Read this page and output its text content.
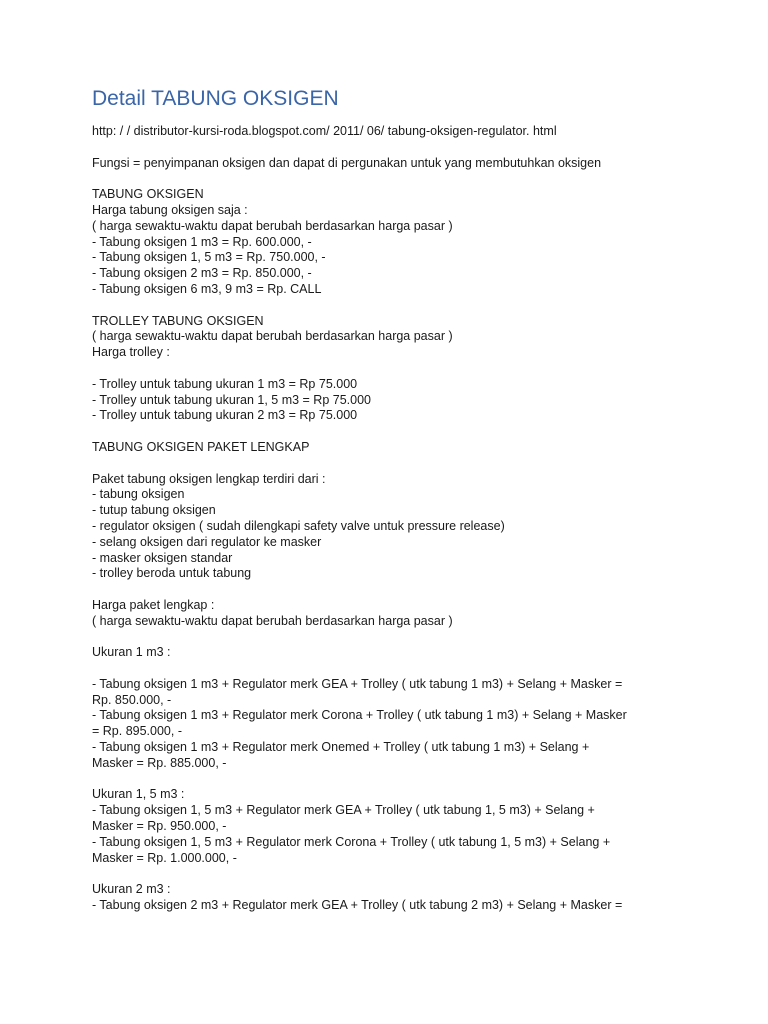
Detail TABUNG OKSIGEN
http: / / distributor-kursi-roda.blogspot.com/ 2011/ 06/ tabung-oksigen-regulator. html
Fungsi = penyimpanan oksigen dan dapat di pergunakan untuk yang membutuhkan oksigen
TABUNG OKSIGEN
Harga tabung oksigen saja :
( harga sewaktu-waktu dapat berubah berdasarkan harga pasar )
- Tabung oksigen 1 m3 = Rp. 600.000, -
- Tabung oksigen 1, 5 m3 = Rp. 750.000, -
- Tabung oksigen 2 m3 = Rp. 850.000, -
- Tabung oksigen 6 m3, 9 m3 = Rp. CALL
TROLLEY TABUNG OKSIGEN
( harga sewaktu-waktu dapat berubah berdasarkan harga pasar )
Harga trolley :
- Trolley untuk tabung ukuran 1 m3 = Rp 75.000
- Trolley untuk tabung ukuran 1, 5 m3 = Rp 75.000
- Trolley untuk tabung ukuran 2 m3 = Rp 75.000
TABUNG OKSIGEN PAKET LENGKAP
Paket tabung oksigen lengkap terdiri dari :
- tabung oksigen
- tutup tabung oksigen
- regulator oksigen ( sudah dilengkapi safety valve untuk pressure release)
- selang oksigen dari regulator ke masker
- masker oksigen standar
- trolley beroda untuk tabung
Harga paket lengkap :
( harga sewaktu-waktu dapat berubah berdasarkan harga pasar )
Ukuran 1 m3 :
- Tabung oksigen 1 m3 + Regulator merk GEA + Trolley ( utk tabung 1 m3) + Selang + Masker =
Rp. 850.000, -
- Tabung oksigen 1 m3 + Regulator merk Corona + Trolley ( utk tabung 1 m3) + Selang + Masker
= Rp. 895.000, -
- Tabung oksigen 1 m3 + Regulator merk Onemed + Trolley ( utk tabung 1 m3) + Selang +
Masker = Rp. 885.000, -
Ukuran 1, 5 m3 :
- Tabung oksigen 1, 5 m3 + Regulator merk GEA + Trolley ( utk tabung 1, 5 m3) + Selang +
Masker = Rp. 950.000, -
- Tabung oksigen 1, 5 m3 + Regulator merk Corona + Trolley ( utk tabung 1, 5 m3) + Selang +
Masker = Rp. 1.000.000, -
Ukuran 2 m3 :
- Tabung oksigen 2 m3 + Regulator merk GEA + Trolley ( utk tabung 2 m3) + Selang + Masker =
